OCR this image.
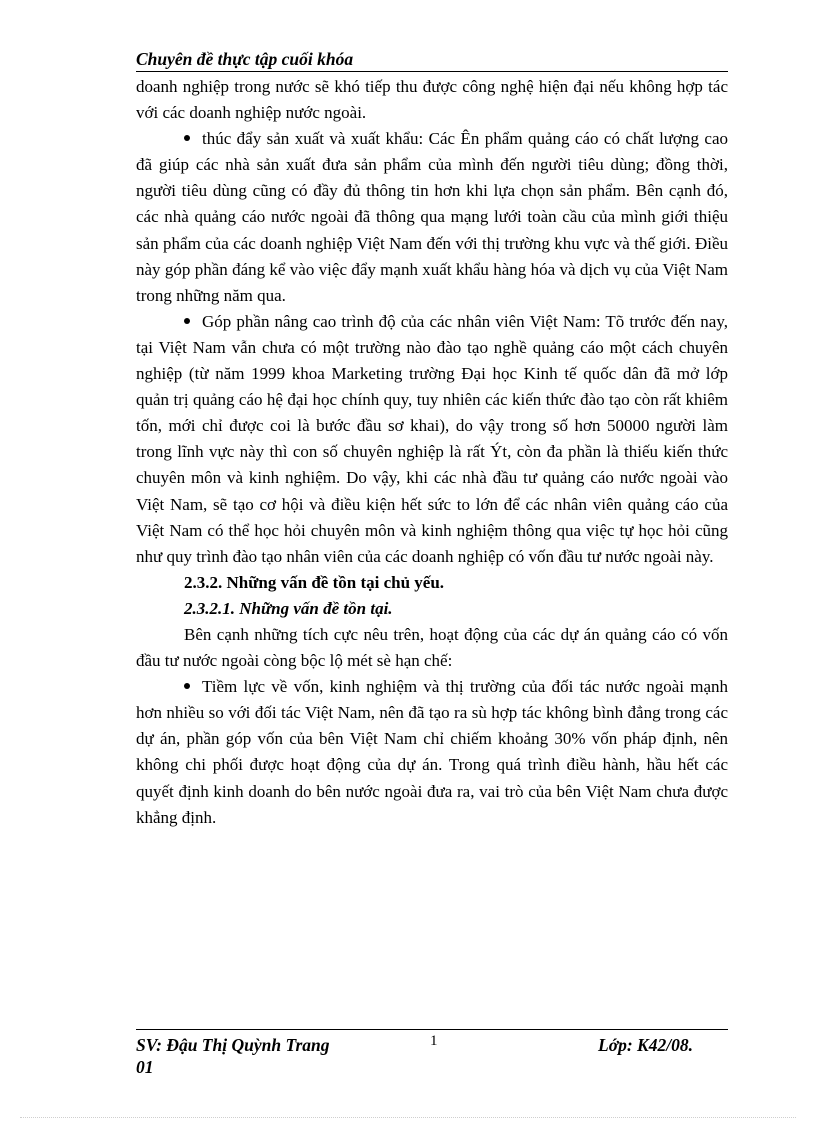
Chuyên đề thực tập cuối khóa

doanh nghiệp trong nước sẽ khó tiếp thu được công nghệ hiện đại nếu không hợp tác với các doanh nghiệp nước ngoài.

thúc đẩy sản xuất và xuất khẩu: Các Ên phẩm quảng cáo có chất lượng cao đã giúp các nhà sản xuất đưa sản phẩm của mình đến người tiêu dùng; đồng thời, người tiêu dùng cũng có đầy đủ thông tin hơn khi lựa chọn sản phẩm. Bên cạnh đó, các nhà quảng cáo nước ngoài đã thông qua mạng lưới toàn cầu của mình giới thiệu sản phẩm của các doanh nghiệp Việt Nam đến với thị trường khu vực và thế giới. Điều này góp phần đáng kể vào việc đẩy mạnh xuất khẩu hàng hóa và dịch vụ của Việt Nam trong những năm qua.

Góp phần nâng cao trình độ của các nhân viên Việt Nam: Tõ trước đến nay, tại Việt Nam vẫn chưa có một trường nào đào tạo nghề quảng cáo một cách chuyên nghiệp (từ năm 1999 khoa Marketing trường Đại học Kinh tế quốc dân đã mở lớp quản trị quảng cáo hệ đại học chính quy, tuy nhiên các kiến thức đào tạo còn rất khiêm tốn, mới chỉ được coi là bước đầu sơ khai), do vậy trong số hơn 50000 người làm trong lĩnh vực này thì con số chuyên nghiệp là rất Ýt, còn đa phần là thiếu kiến thức chuyên môn và kinh nghiệm. Do vậy, khi các nhà đầu tư quảng cáo nước ngoài vào Việt Nam, sẽ tạo cơ hội và điều kiện hết sức to lớn để các nhân viên quảng cáo của Việt Nam có thể học hỏi chuyên môn và kinh nghiệm thông qua việc tự học hỏi cũng như quy trình đào tạo nhân viên của các doanh nghiệp có vốn đầu tư nước ngoài này.

2.3.2. Những vấn đề tồn tại chủ yếu.

2.3.2.1. Những vấn đề tồn tại.

Bên cạnh những tích cực nêu trên, hoạt động của các dự án quảng cáo có vốn đầu tư nước ngoài còng bộc lộ mét sè hạn chế:

Tiềm lực về vốn, kinh nghiệm và thị trường của đối tác nước ngoài mạnh hơn nhiều so với đối tác Việt Nam, nên đã tạo ra sù hợp tác không bình đẳng trong các dự án, phần góp vốn của bên Việt Nam chỉ chiếm khoảng 30% vốn pháp định, nên không chi phối được hoạt động của dự án. Trong quá trình điều hành, hầu hết các quyết định kinh doanh do bên nước ngoài đưa ra, vai trò của bên Việt Nam chưa được khẳng định.

SV: Đậu Thị Quỳnh Trang
01
1	Lớp: K42/08.
